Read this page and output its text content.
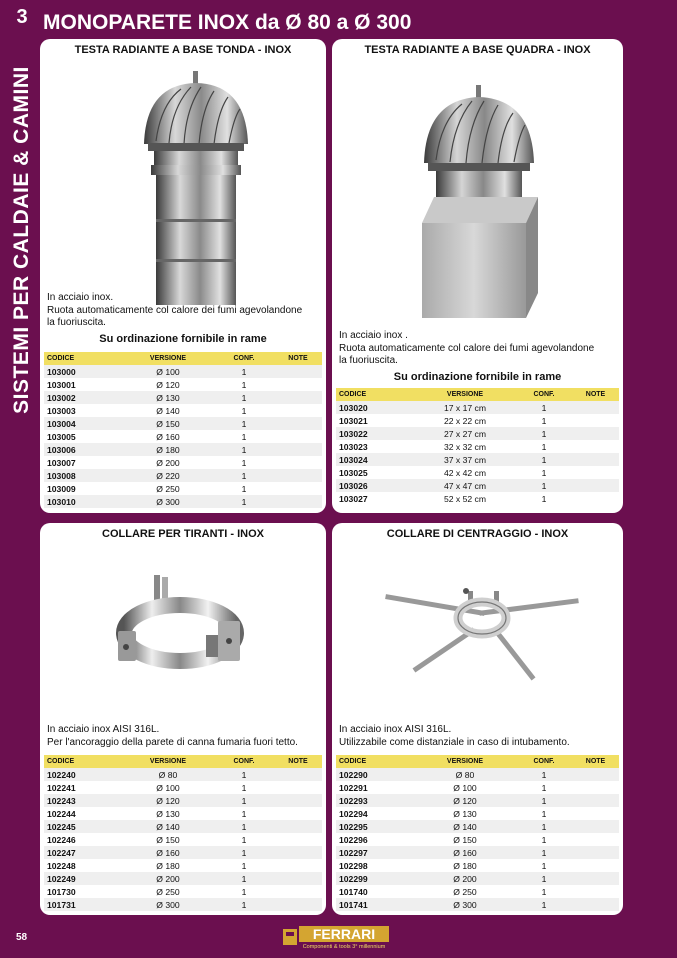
3
SISTEMI PER CALDAIE & CAMINI
MONOPARETE INOX da Ø 80 a Ø 300
TESTA RADIANTE A BASE TONDA - INOX
In acciaio inox.
Ruota automaticamente col calore dei fumi agevolandone
la fuoriuscita.
Su ordinazione fornibile in rame
CODICE	VERSIONE	CONF.	NOTE
103000	Ø 100	1	
103001	Ø 120	1	
103002	Ø 130	1	
103003	Ø 140	1	
103004	Ø 150	1	
103005	Ø 160	1	
103006	Ø 180	1	
103007	Ø 200	1	
103008	Ø 220	1	
103009	Ø 250	1	
103010	Ø 300	1	
TESTA RADIANTE A BASE QUADRA - INOX
In acciaio inox .
Ruota automaticamente col calore dei fumi agevolandone
la fuoriuscita.
Su ordinazione fornibile in rame
CODICE	VERSIONE	CONF.	NOTE
103020	17 x 17 cm	1	
103021	22 x 22 cm	1	
103022	27 x 27 cm	1	
103023	32 x 32 cm	1	
103024	37 x 37 cm	1	
103025	42 x 42 cm	1	
103026	47 x 47 cm	1	
103027	52 x 52 cm	1	
COLLARE PER TIRANTI - INOX
In acciaio inox AISI 316L.
Per l'ancoraggio della parete di canna fumaria fuori tetto.
CODICE	VERSIONE	CONF.	NOTE
102240	Ø 80	1	
102241	Ø 100	1	
102243	Ø 120	1	
102244	Ø 130	1	
102245	Ø 140	1	
102246	Ø 150	1	
102247	Ø 160	1	
102248	Ø 180	1	
102249	Ø 200	1	
101730	Ø 250	1	
101731	Ø 300	1	
COLLARE DI CENTRAGGIO - INOX
In acciaio inox AISI 316L.
Utilizzabile come distanziale in caso di intubamento.
CODICE	VERSIONE	CONF.	NOTE
102290	Ø 80	1	
102291	Ø 100	1	
102293	Ø 120	1	
102294	Ø 130	1	
102295	Ø 140	1	
102296	Ø 150	1	
102297	Ø 160	1	
102298	Ø 180	1	
102299	Ø 200	1	
101740	Ø 250	1	
101741	Ø 300	1	
58	FERRARI
Componenti & tools 3° millennium
